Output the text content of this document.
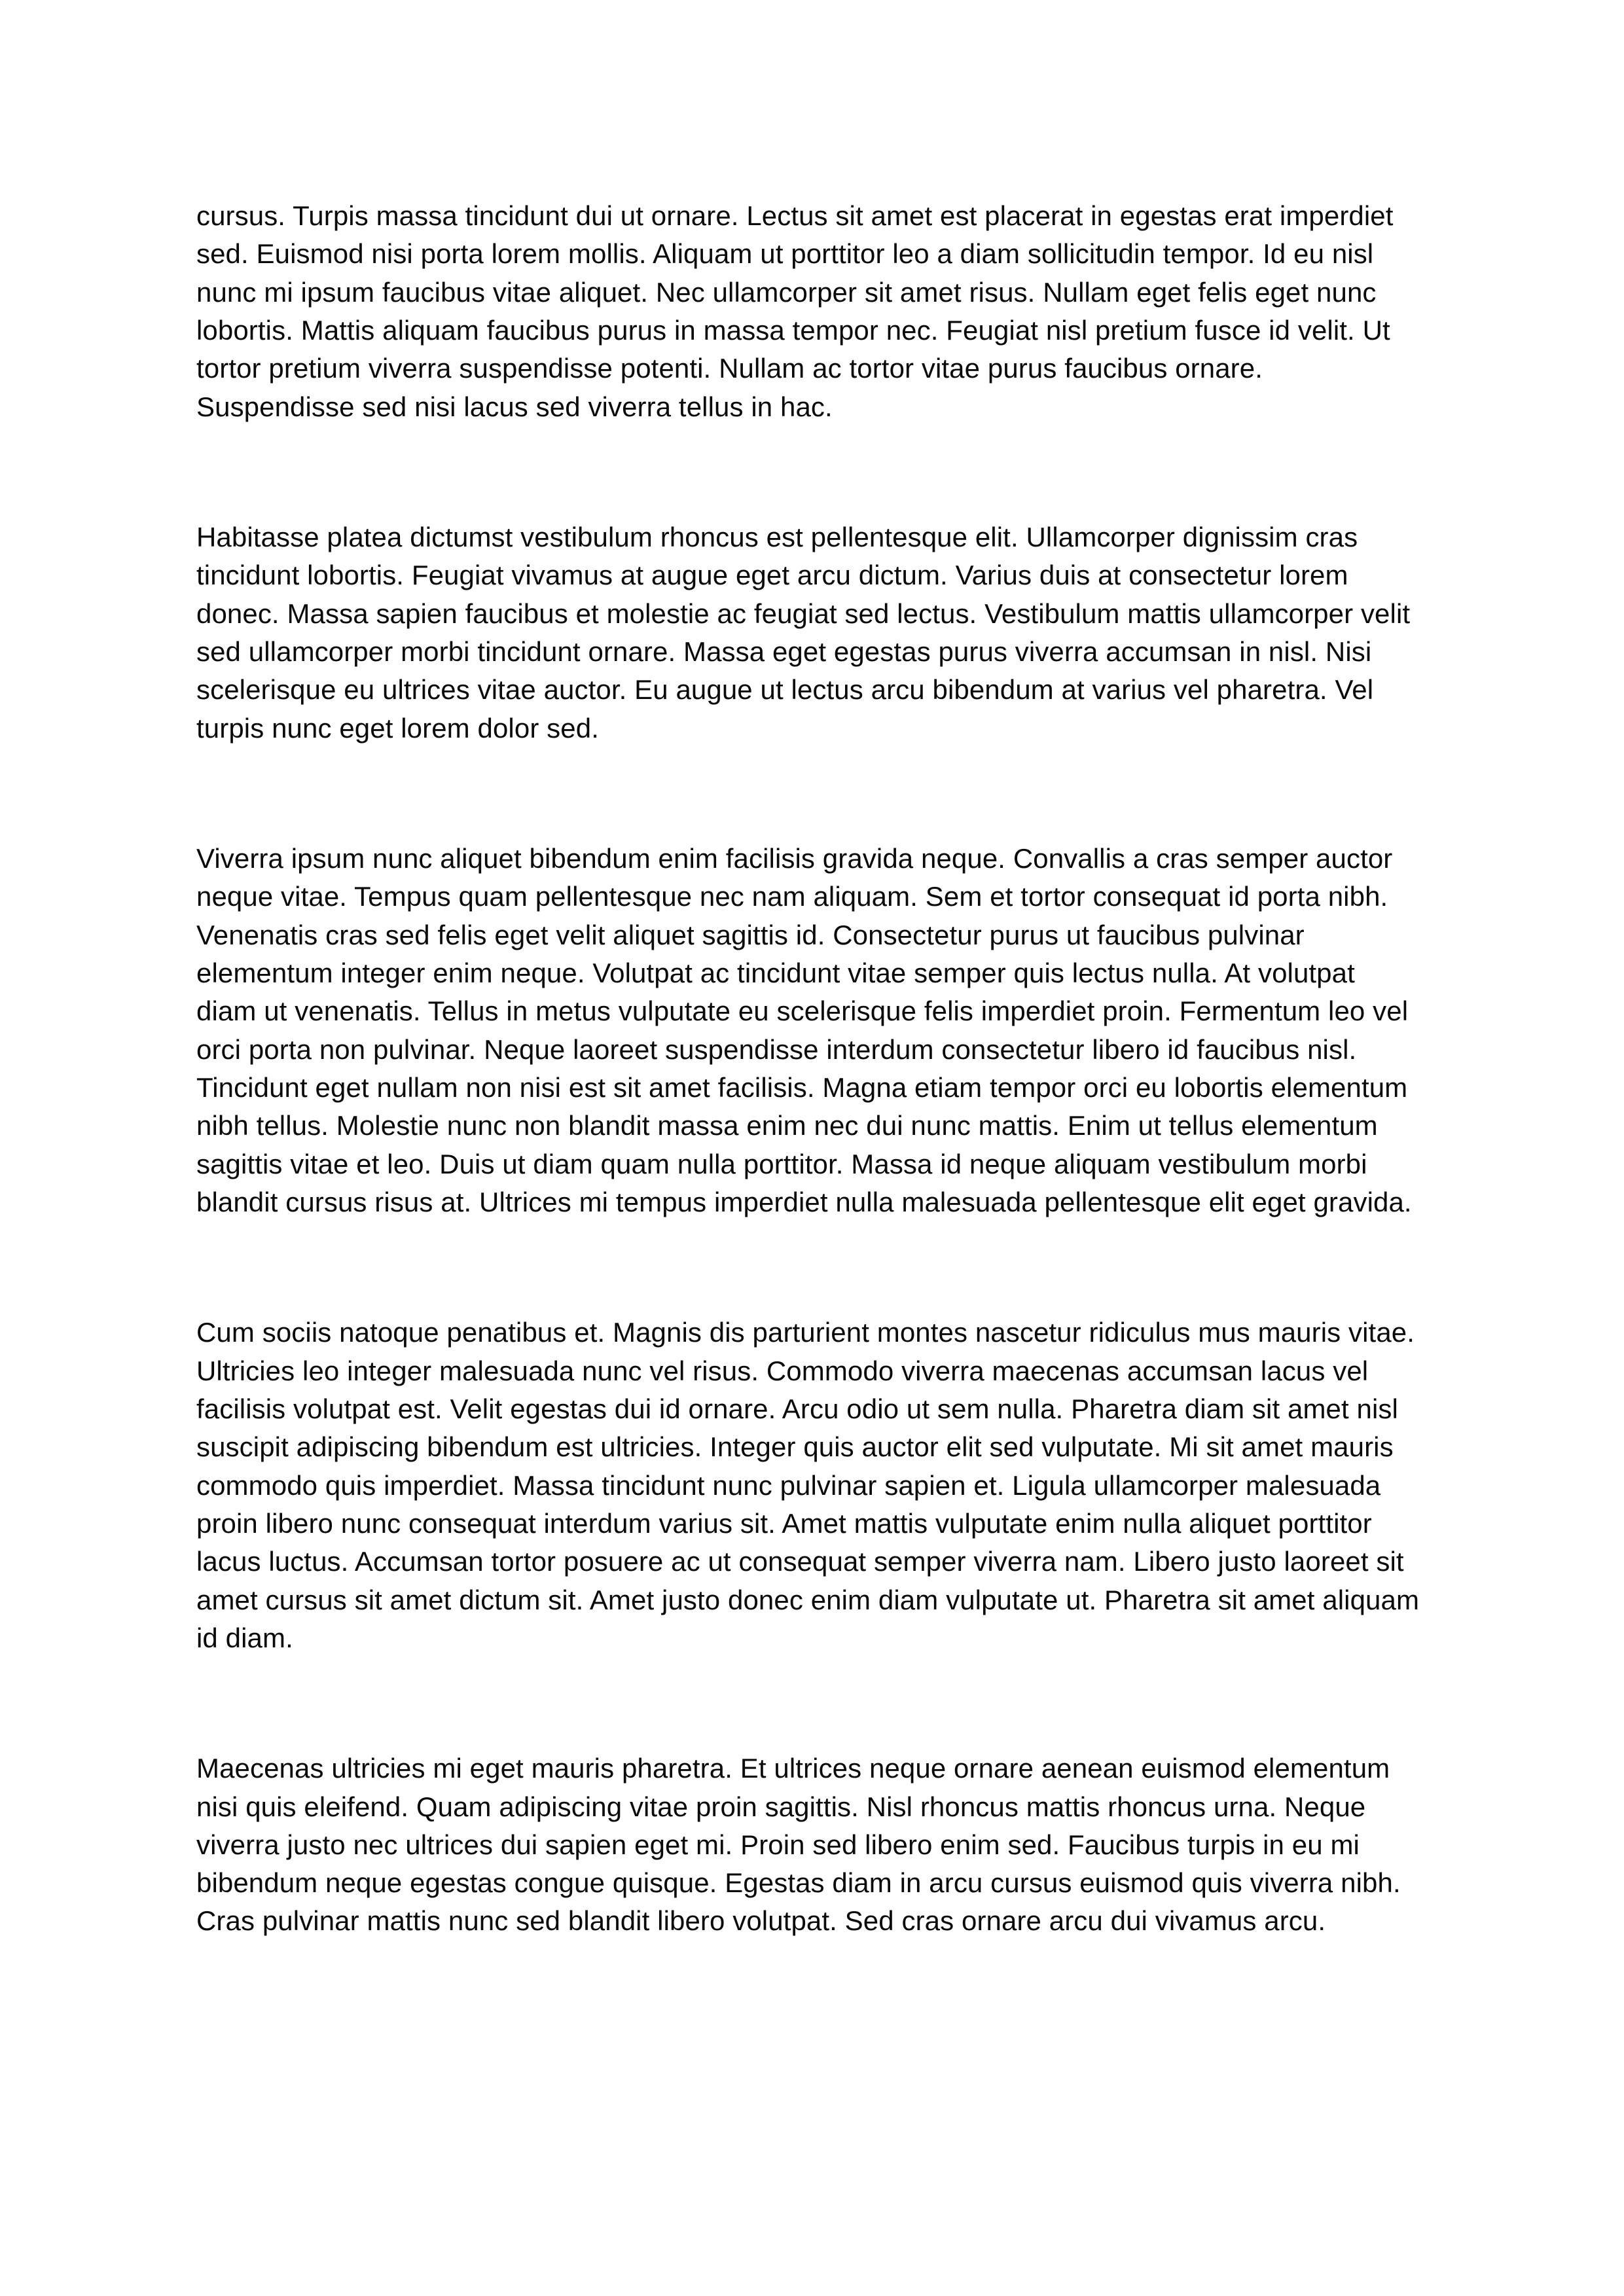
cursus. Turpis massa tincidunt dui ut ornare. Lectus sit amet est placerat in egestas erat imperdiet
sed. Euismod nisi porta lorem mollis. Aliquam ut porttitor leo a diam sollicitudin tempor. Id eu nisl
nunc mi ipsum faucibus vitae aliquet. Nec ullamcorper sit amet risus. Nullam eget felis eget nunc
lobortis. Mattis aliquam faucibus purus in massa tempor nec. Feugiat nisl pretium fusce id velit. Ut
tortor pretium viverra suspendisse potenti. Nullam ac tortor vitae purus faucibus ornare.
Suspendisse sed nisi lacus sed viverra tellus in hac.

Habitasse platea dictumst vestibulum rhoncus est pellentesque elit. Ullamcorper dignissim cras
tincidunt lobortis. Feugiat vivamus at augue eget arcu dictum. Varius duis at consectetur lorem
donec. Massa sapien faucibus et molestie ac feugiat sed lectus. Vestibulum mattis ullamcorper velit
sed ullamcorper morbi tincidunt ornare. Massa eget egestas purus viverra accumsan in nisl. Nisi
scelerisque eu ultrices vitae auctor. Eu augue ut lectus arcu bibendum at varius vel pharetra. Vel
turpis nunc eget lorem dolor sed.

Viverra ipsum nunc aliquet bibendum enim facilisis gravida neque. Convallis a cras semper auctor
neque vitae. Tempus quam pellentesque nec nam aliquam. Sem et tortor consequat id porta nibh.
Venenatis cras sed felis eget velit aliquet sagittis id. Consectetur purus ut faucibus pulvinar
elementum integer enim neque. Volutpat ac tincidunt vitae semper quis lectus nulla. At volutpat
diam ut venenatis. Tellus in metus vulputate eu scelerisque felis imperdiet proin. Fermentum leo vel
orci porta non pulvinar. Neque laoreet suspendisse interdum consectetur libero id faucibus nisl.
Tincidunt eget nullam non nisi est sit amet facilisis. Magna etiam tempor orci eu lobortis elementum
nibh tellus. Molestie nunc non blandit massa enim nec dui nunc mattis. Enim ut tellus elementum
sagittis vitae et leo. Duis ut diam quam nulla porttitor. Massa id neque aliquam vestibulum morbi
blandit cursus risus at. Ultrices mi tempus imperdiet nulla malesuada pellentesque elit eget gravida.

Cum sociis natoque penatibus et. Magnis dis parturient montes nascetur ridiculus mus mauris vitae.
Ultricies leo integer malesuada nunc vel risus. Commodo viverra maecenas accumsan lacus vel
facilisis volutpat est. Velit egestas dui id ornare. Arcu odio ut sem nulla. Pharetra diam sit amet nisl
suscipit adipiscing bibendum est ultricies. Integer quis auctor elit sed vulputate. Mi sit amet mauris
commodo quis imperdiet. Massa tincidunt nunc pulvinar sapien et. Ligula ullamcorper malesuada
proin libero nunc consequat interdum varius sit. Amet mattis vulputate enim nulla aliquet porttitor
lacus luctus. Accumsan tortor posuere ac ut consequat semper viverra nam. Libero justo laoreet sit
amet cursus sit amet dictum sit. Amet justo donec enim diam vulputate ut. Pharetra sit amet aliquam
id diam.

Maecenas ultricies mi eget mauris pharetra. Et ultrices neque ornare aenean euismod elementum
nisi quis eleifend. Quam adipiscing vitae proin sagittis. Nisl rhoncus mattis rhoncus urna. Neque
viverra justo nec ultrices dui sapien eget mi. Proin sed libero enim sed. Faucibus turpis in eu mi
bibendum neque egestas congue quisque. Egestas diam in arcu cursus euismod quis viverra nibh.
Cras pulvinar mattis nunc sed blandit libero volutpat. Sed cras ornare arcu dui vivamus arcu.
